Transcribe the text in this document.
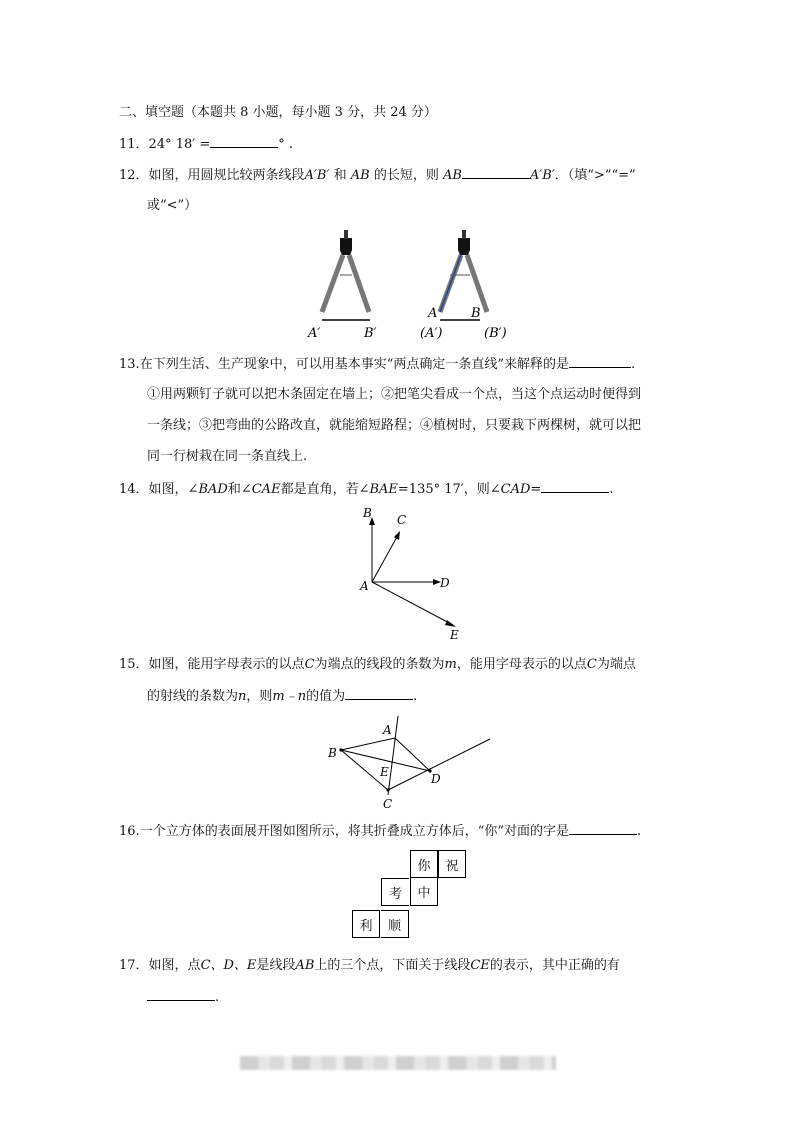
二、填空题（本题共 8 小题，每小题 3 分，共 24 分）
11．24° 18′ =	° .
12．如图，用圆规比较两条线段A′B′ 和 AB 的长短，则 AB	A′B′．（填“>”“=”
或“<”）
A′	B′
A	B
(A′)	(B′)
13.在下列生活、生产现象中，可以用基本事实“两点确定一条直线”来解释的是	.
①用两颗钉子就可以把木条固定在墙上；②把笔尖看成一个点，当这个点运动时便得到
一条线；③把弯曲的公路改直，就能缩短路程；④植树时，只要栽下两棵树，就可以把
同一行树栽在同一条直线上.
14．如图，∠BAD和∠CAE都是直角，若∠BAE=135° 17′，则∠CAD=	.
B C
A	D
E
15．如图，能用字母表示的以点C为端点的线段的条数为m，能用字母表示的以点C为端点
的射线的条数为n，则m﹣n的值为	.
A
B
E	D
C
16.一个立方体的表面展开图如图所示，将其折叠成立方体后，“你”对面的字是	.
你	祝
考	中
利	顺
17．如图，点C、D、E是线段AB上的三个点，下面关于线段CE的表示，其中正确的有
.
